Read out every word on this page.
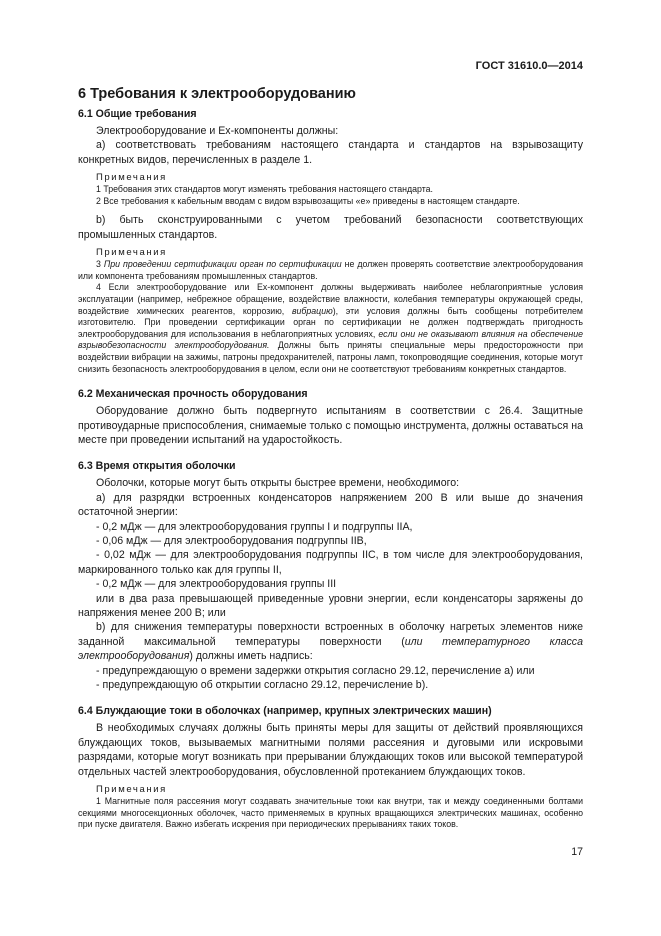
ГОСТ 31610.0—2014
6 Требования к электрооборудованию
6.1 Общие требования

Электрооборудование и Ex-компоненты должны:

a) соответствовать требованиям настоящего стандарта и стандартов на взрывозащиту конкретных видов, перечисленных в разделе 1.

Примечания

1 Требования этих стандартов могут изменять требования настоящего стандарта.

2 Все требования к кабельным вводам с видом взрывозащиты «е» приведены в настоящем стандарте.

b) быть сконструированными с учетом требований безопасности соответствующих промышленных стандартов.

Примечания

3 При проведении сертификации орган по сертификации не должен проверять соответствие электрооборудования или компонента требованиям промышленных стандартов.

4 Если электрооборудование или Ex-компонент должны выдерживать наиболее неблагоприятные условия эксплуатации (например, небрежное обращение, воздействие влажности, колебания температуры окружающей среды, воздействие химических реагентов, коррозию, вибрацию), эти условия должны быть сообщены потребителем изготовителю. При проведении сертификации орган по сертификации не должен подтверждать пригодность электрооборудования для использования в неблагоприятных условиях, если они не оказывают влияния на обеспечение взрывобезопасности электрооборудования. Должны быть приняты специальные меры предосторожности при воздействии вибрации на зажимы, патроны предохранителей, патроны ламп, токопроводящие соединения, которые могут снизить безопасность электрооборудования в целом, если они не соответствуют требованиям конкретных стандартов.

6.2 Механическая прочность оборудования

Оборудование должно быть подвергнуто испытаниям в соответствии с 26.4. Защитные противоударные приспособления, снимаемые только с помощью инструмента, должны оставаться на месте при проведении испытаний на ударостойкость.

6.3 Время открытия оболочки

Оболочки, которые могут быть открыты быстрее времени, необходимого:

a) для разрядки встроенных конденсаторов напряжением 200 В или выше до значения остаточной энергии:

- 0,2 мДж — для электрооборудования группы I и подгруппы IIA,

- 0,06 мДж — для электрооборудования подгруппы IIB,

- 0,02 мДж — для электрооборудования подгруппы IIC, в том числе для электрооборудования, маркированного только как для группы II,

- 0,2 мДж — для электрооборудования группы III

или в два раза превышающей приведенные уровни энергии, если конденсаторы заряжены до напряжения менее 200 В; или

b) для снижения температуры поверхности встроенных в оболочку нагретых элементов ниже заданной максимальной температуры поверхности (или температурного класса электрооборудования) должны иметь надпись:

- предупреждающую о времени задержки открытия согласно 29.12, перечисление а) или

- предупреждающую об открытии согласно 29.12, перечисление b).

6.4 Блуждающие токи в оболочках (например, крупных электрических машин)

В необходимых случаях должны быть приняты меры для защиты от действий проявляющихся блуждающих токов, вызываемых магнитными полями рассеяния и дуговыми или искровыми разрядами, которые могут возникать при прерывании блуждающих токов или высокой температурой отдельных частей электрооборудования, обусловленной протеканием блуждающих токов.

Примечания

1 Магнитные поля рассеяния могут создавать значительные токи как внутри, так и между соединенными болтами секциями многосекционных оболочек, часто применяемых в крупных вращающихся электрических машинах, особенно при пуске двигателя. Важно избегать искрения при периодических прерываниях таких токов.

17
